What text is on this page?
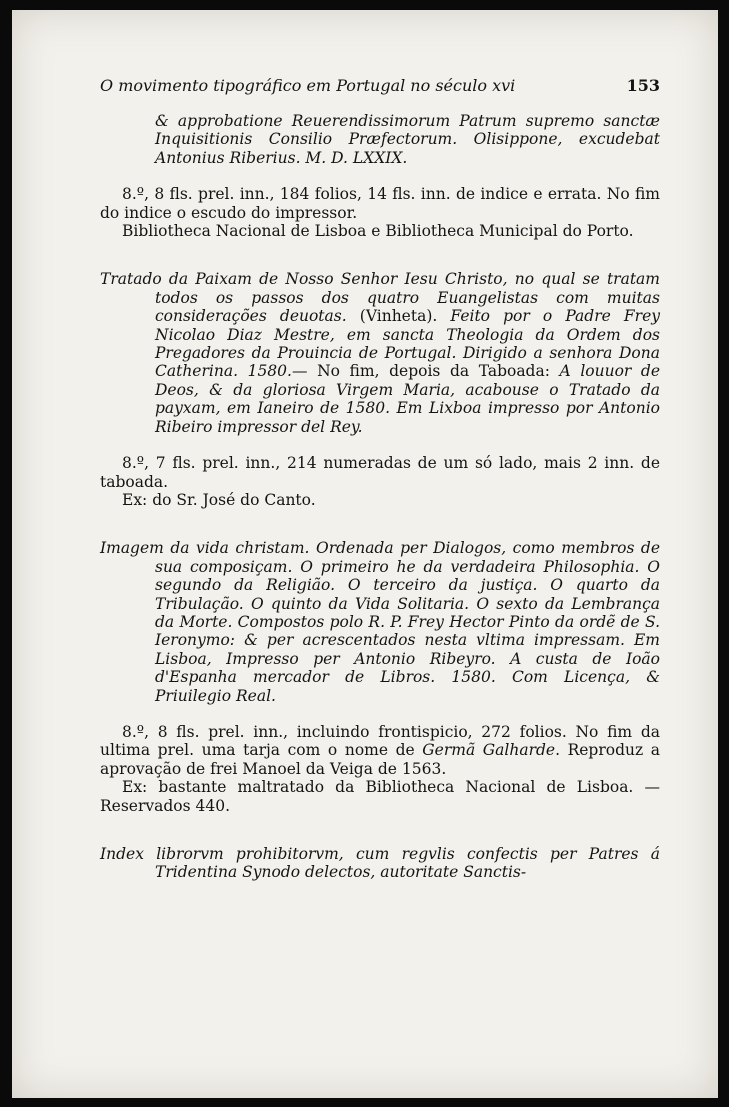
O movimento tipográfico em Portugal no século xvi	153

& approbatione Reuerendissimorum Patrum supremo sanctæ Inquisitionis Consilio Præfectorum. Olisippone, excudebat Antonius Riberius. M. D. LXXIX.

8.º, 8 fls. prel. inn., 184 folios, 14 fls. inn. de indice e errata. No fim do indice o escudo do impressor.

Bibliotheca Nacional de Lisboa e Bibliotheca Municipal do Porto.

Tratado da Paixam de Nosso Senhor Iesu Christo, no qual se tratam todos os passos dos quatro Euangelistas com muitas considerações deuotas. (Vinheta). Feito por o Padre Frey Nicolao Diaz Mestre, em sancta Theologia da Ordem dos Pregadores da Prouincia de Portugal. Dirigido a senhora Dona Catherina. 1580.— No fim, depois da Taboada: A louuor de Deos, & da gloriosa Virgem Maria, acabouse o Tratado da payxam, em Ianeiro de 1580. Em Lixboa impresso por Antonio Ribeiro impressor del Rey.

8.º, 7 fls. prel. inn., 214 numeradas de um só lado, mais 2 inn. de taboada.

Ex: do Sr. José do Canto.

Imagem da vida christam. Ordenada per Dialogos, como membros de sua composiçam. O primeiro he da verdadeira Philosophia. O segundo da Religião. O terceiro da justiça. O quarto da Tribulação. O quinto da Vida Solitaria. O sexto da Lembrança da Morte. Compostos polo R. P. Frey Hector Pinto da ordẽ de S. Ieronymo: & per acrescentados nesta vltima impressam. Em Lisboa, Impresso per Antonio Ribeyro. A custa de Ioão d'Espanha mercador de Libros. 1580. Com Licença, & Priuilegio Real.

8.º, 8 fls. prel. inn., incluindo frontispicio, 272 folios. No fim da ultima prel. uma tarja com o nome de Germã Galharde. Reproduz a aprovação de frei Manoel da Veiga de 1563.

Ex: bastante maltratado da Bibliotheca Nacional de Lisboa. — Reservados 440.

Index librorvm prohibitorvm, cum regvlis confectis per Patres á Tridentina Synodo delectos, autoritate Sanctis-
